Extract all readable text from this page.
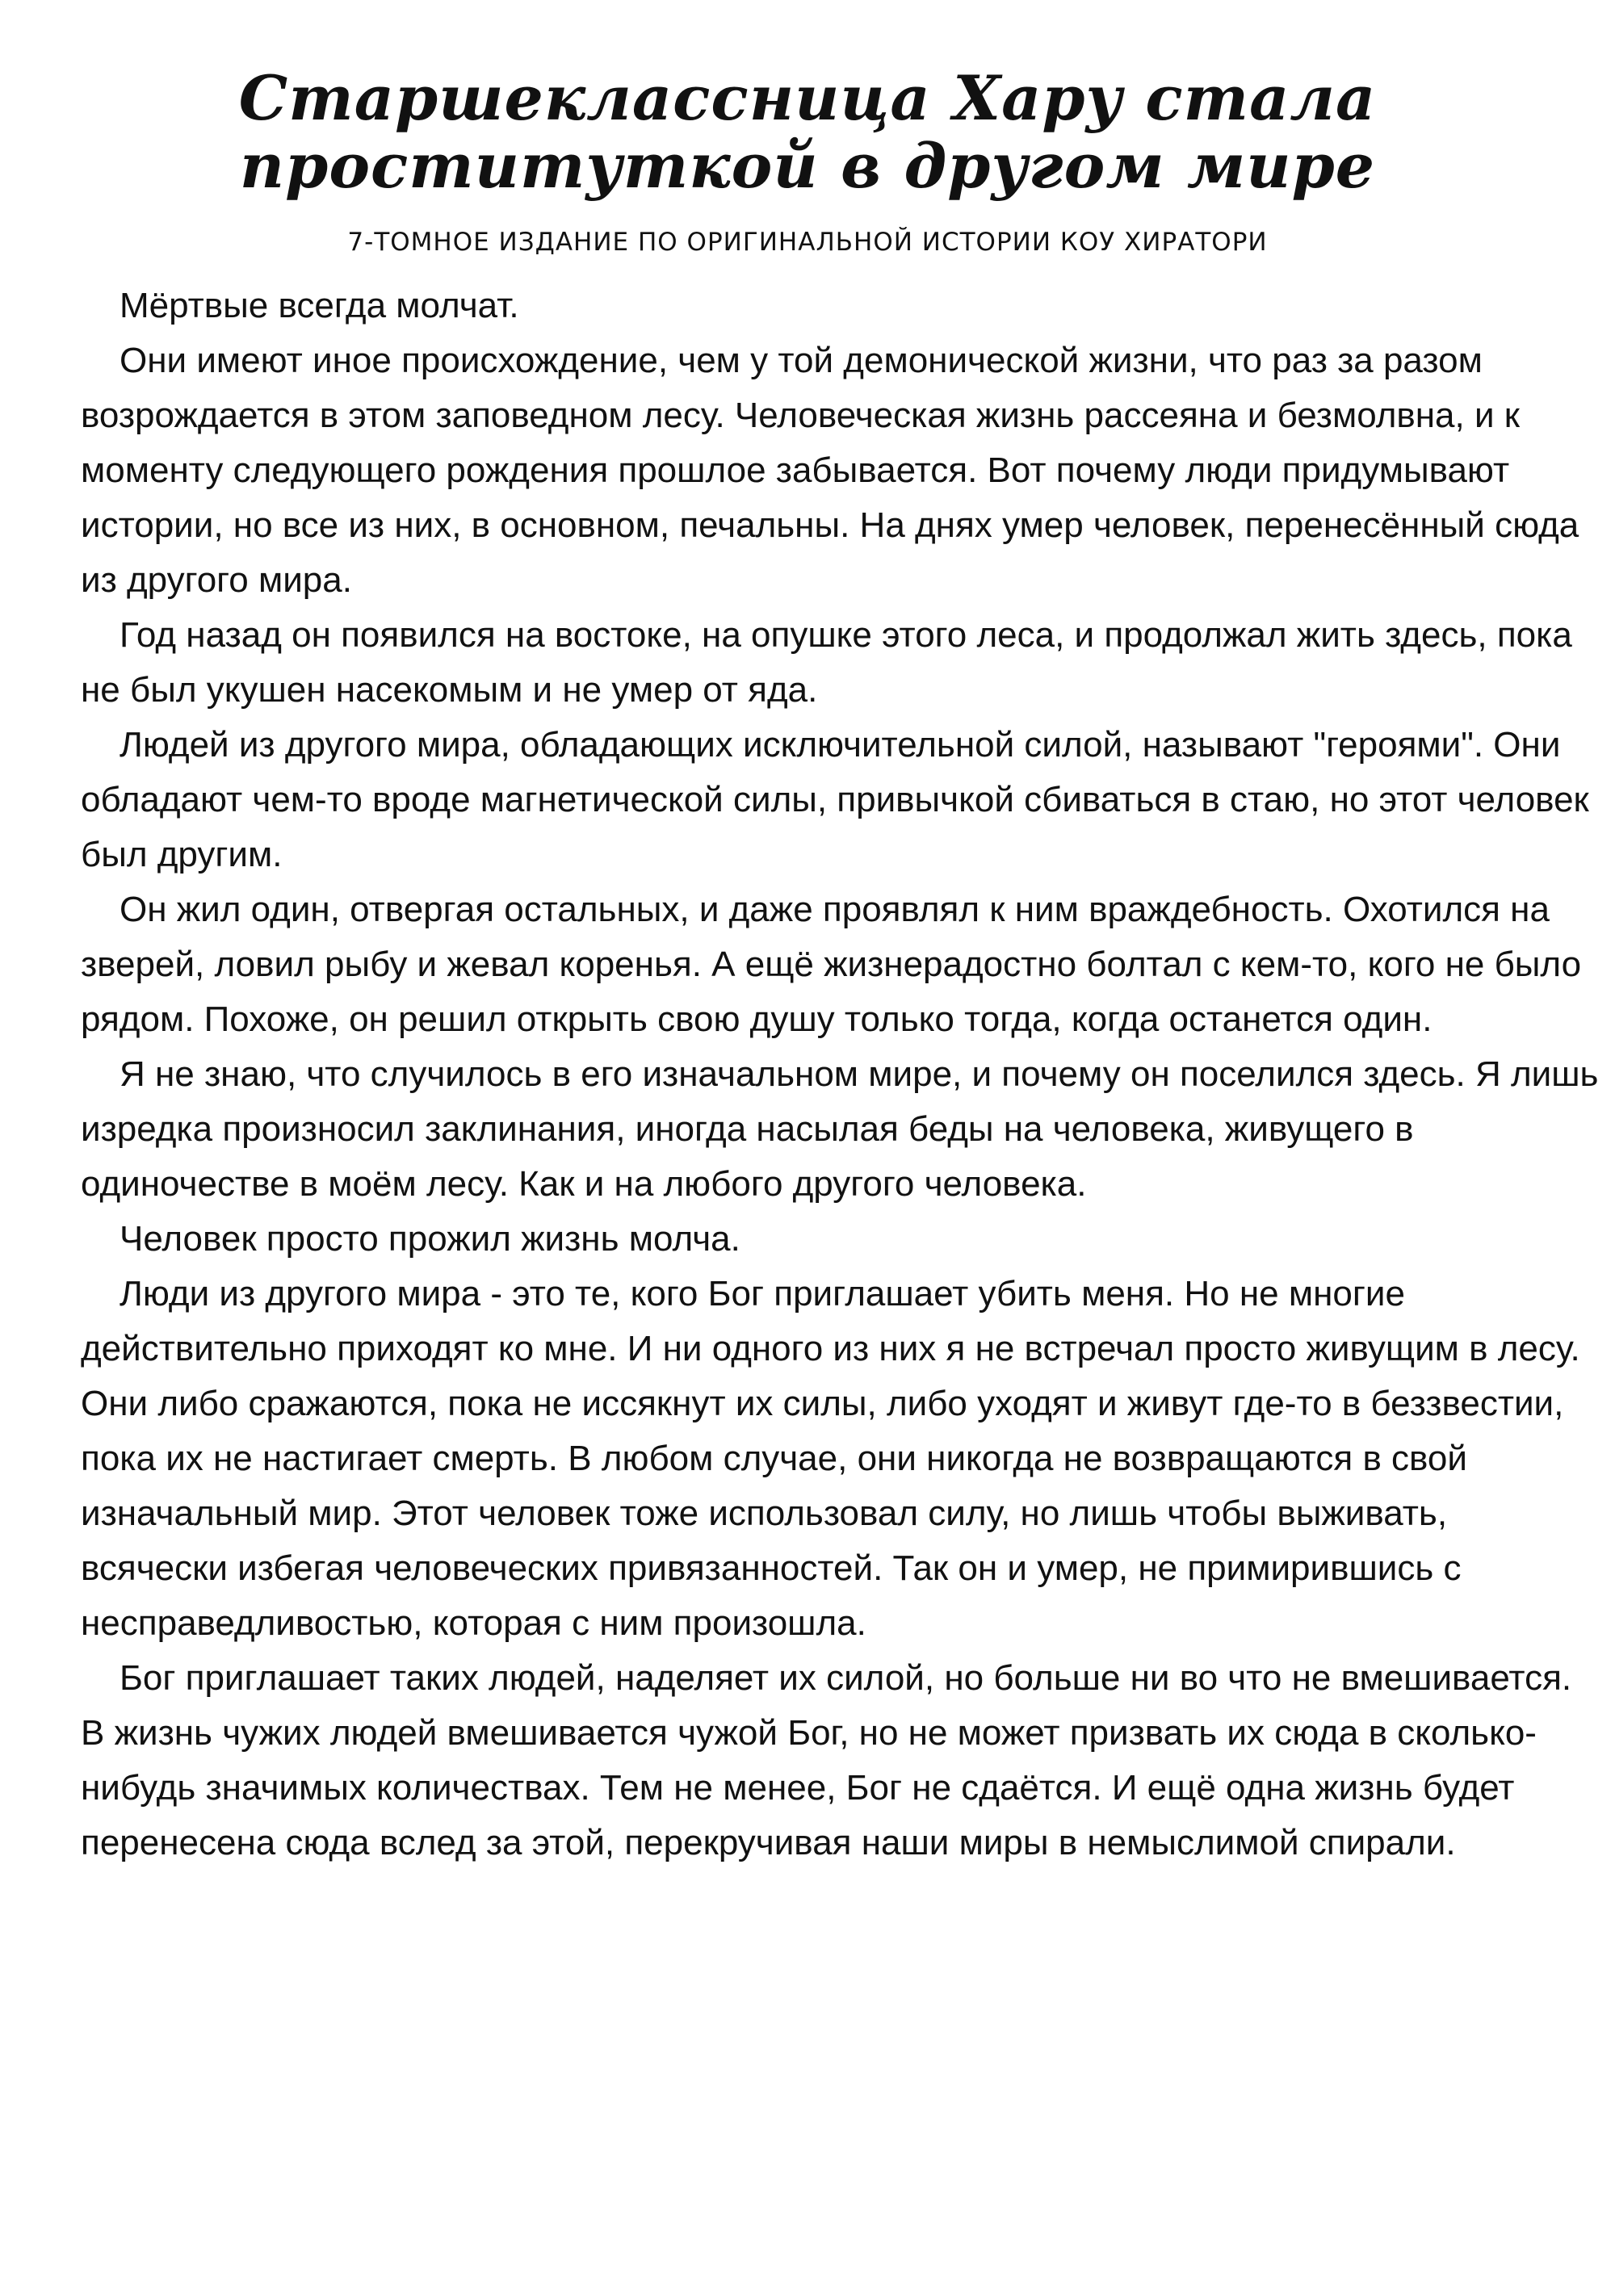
Старшеклассница Хару стала
проституткой в другом мире
7-ТОМНОЕ ИЗДАНИЕ ПО ОРИГИНАЛЬНОЙ ИСТОРИИ КОУ ХИРАТОРИ

Мёртвые всегда молчат.

Они имеют иное происхождение, чем у той демонической жизни, что раз за разом возрождается в этом заповедном лесу. Человеческая жизнь рассеяна и безмолвна, и к моменту следующего рождения прошлое забывается. Вот почему люди придумывают истории, но все из них, в основном, печальны. На днях умер человек, перенесённый сюда из другого мира.

Год назад он появился на востоке, на опушке этого леса, и продолжал жить здесь, пока не был укушен насекомым и не умер от яда.

Людей из другого мира, обладающих исключительной силой, называют "героями". Они обладают чем-то вроде магнетической силы, привычкой сбиваться в стаю, но этот человек был другим.

Он жил один, отвергая остальных, и даже проявлял к ним враждебность. Охотился на зверей, ловил рыбу и жевал коренья. А ещё жизнерадостно болтал с кем-то, кого не было рядом. Похоже, он решил открыть свою душу только тогда, когда останется один.

Я не знаю, что случилось в его изначальном мире, и почему он поселился здесь. Я лишь изредка произносил заклинания, иногда насылая беды на человека, живущего в одиночестве в моём лесу. Как и на любого другого человека.

Человек просто прожил жизнь молча.

Люди из другого мира - это те, кого Бог приглашает убить меня. Но не многие действительно приходят ко мне. И ни одного из них я не встречал просто живущим в лесу. Они либо сражаются, пока не иссякнут их силы, либо уходят и живут где-то в беззвестии, пока их не настигает смерть. В любом случае, они никогда не возвращаются в свой изначальный мир. Этот человек тоже использовал силу, но лишь чтобы выживать, всячески избегая человеческих привязанностей. Так он и умер, не примирившись с несправедливостью, которая с ним произошла.

Бог приглашает таких людей, наделяет их силой, но больше ни во что не вмешивается. В жизнь чужих людей вмешивается чужой Бог, но не может призвать их сюда в сколько-нибудь значимых количествах. Тем не менее, Бог не сдаётся. И ещё одна жизнь будет перенесена сюда вслед за этой, перекручивая наши миры в немыслимой спирали.
